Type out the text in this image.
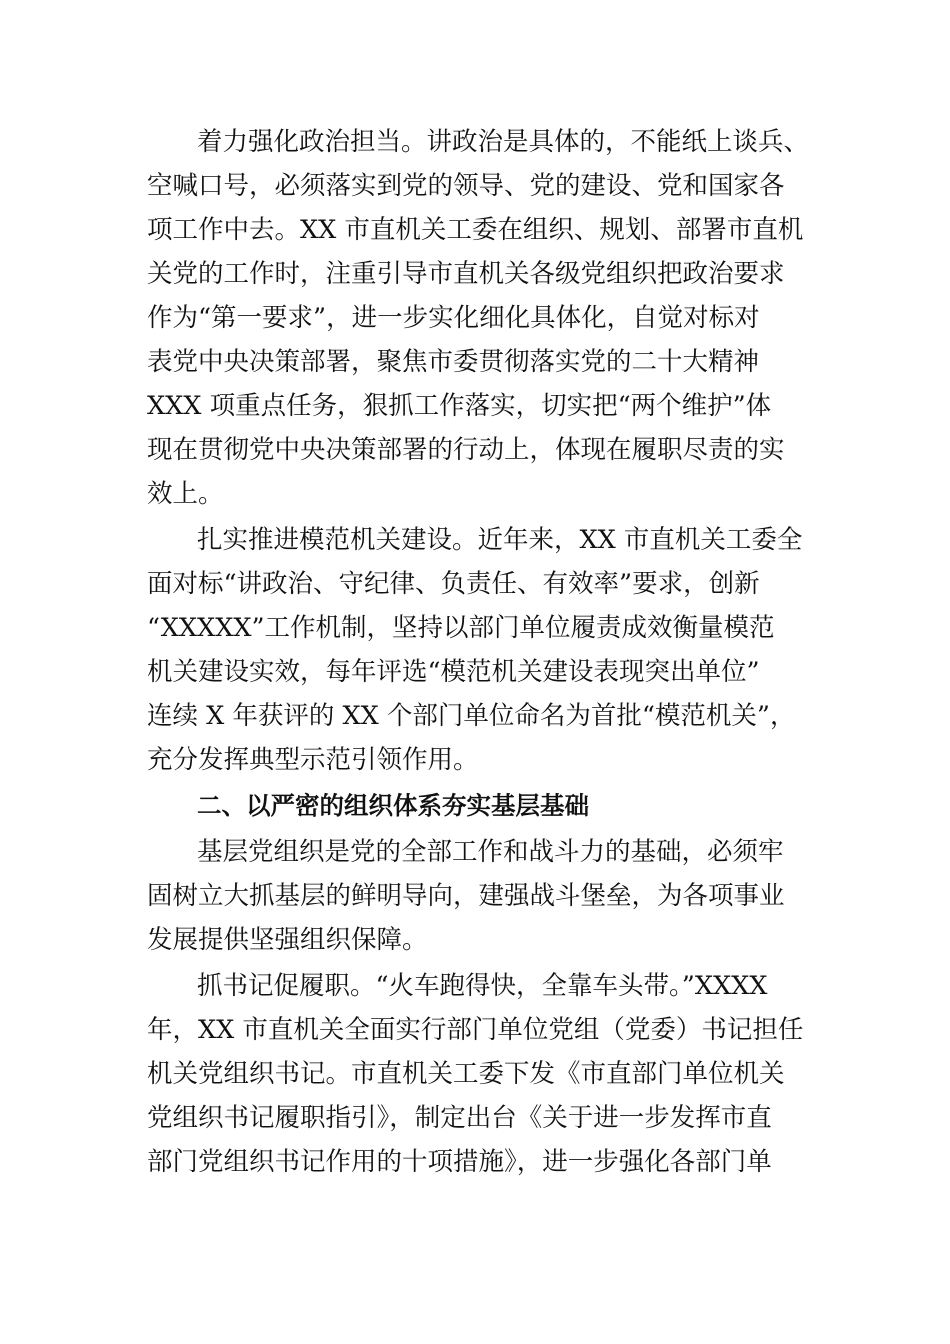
着力强化政治担当。讲政治是具体的，不能纸上谈兵、
空喊口号，必须落实到党的领导、党的建设、党和国家各
项工作中去。XX 市直机关工委在组织、规划、部署市直机
关党的工作时，注重引导市直机关各级党组织把政治要求
作为“第一要求”，进一步实化细化具体化，自觉对标对
表党中央决策部署，聚焦市委贯彻落实党的二十大精神
XXX 项重点任务，狠抓工作落实，切实把“两个维护”体
现在贯彻党中央决策部署的行动上，体现在履职尽责的实
效上。
扎实推进模范机关建设。近年来，XX 市直机关工委全
面对标“讲政治、守纪律、负责任、有效率”要求，创新
“XXXXX”工作机制，坚持以部门单位履责成效衡量模范
机关建设实效，每年评选“模范机关建设表现突出单位”
连续 X 年获评的 XX 个部门单位命名为首批“模范机关”，
充分发挥典型示范引领作用。
二、以严密的组织体系夯实基层基础
基层党组织是党的全部工作和战斗力的基础，必须牢
固树立大抓基层的鲜明导向，建强战斗堡垒，为各项事业
发展提供坚强组织保障。
抓书记促履职。“火车跑得快，全靠车头带。”XXXX
年，XX 市直机关全面实行部门单位党组（党委）书记担任
机关党组织书记。市直机关工委下发《市直部门单位机关
党组织书记履职指引》，制定出台《关于进一步发挥市直
部门党组织书记作用的十项措施》，进一步强化各部门单
